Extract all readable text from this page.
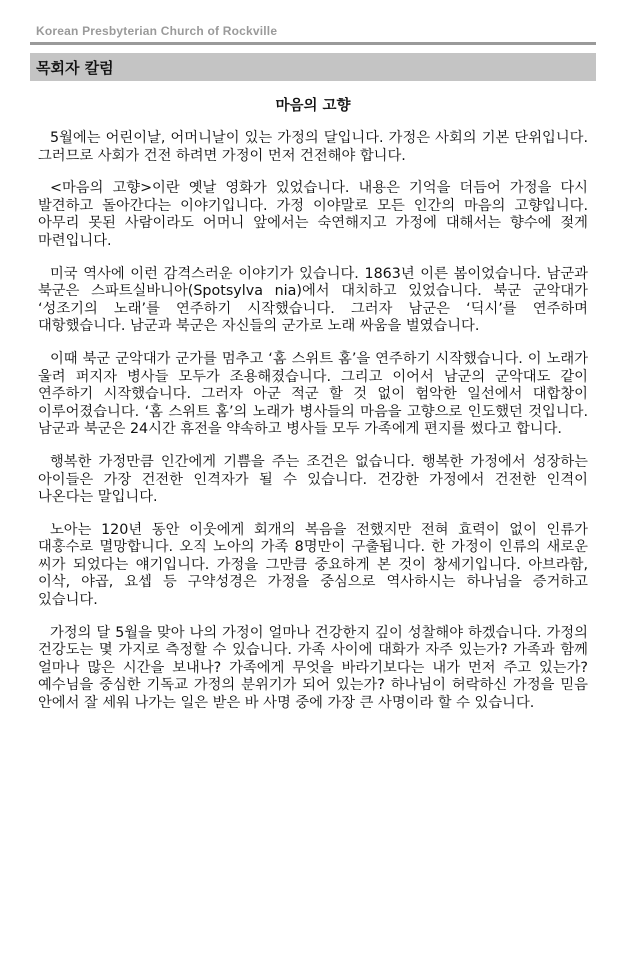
Korean Presbyterian Church of Rockville
목회자 칼럼
마음의 고향

5월에는 어린이날, 어머니날이 있는 가정의 달입니다. 가정은 사회의 기본 단위입니다. 그러므로 사회가 건전 하려면 가정이 먼저 건전해야 합니다.

<마음의 고향>이란 옛날 영화가 있었습니다. 내용은 기억을 더듬어 가정을 다시 발견하고 돌아간다는 이야기입니다. 가정 이야말로 모든 인간의 마음의 고향입니다. 아무리 못된 사람이라도 어머니 앞에서는 숙연해지고 가정에 대해서는 향수에 젖게 마련입니다.

미국 역사에 이런 감격스러운 이야기가 있습니다. 1863년 이른 봄이었습니다. 남군과 북군은 스파트실바니아(Spotsylva nia)에서 대치하고 있었습니다. 북군 군악대가 ‘성조기의 노래’를 연주하기 시작했습니다. 그러자 남군은 ‘딕시’를 연주하며 대항했습니다. 남군과 북군은 자신들의 군가로 노래 싸움을 벌였습니다.

이때 북군 군악대가 군가를 멈추고 ‘홈 스위트 홈’을 연주하기 시작했습니다. 이 노래가 울려 퍼지자 병사들 모두가 조용해졌습니다. 그리고 이어서 남군의 군악대도 같이 연주하기 시작했습니다. 그러자 아군 적군 할 것 없이 험악한 일선에서 대합창이 이루어졌습니다. ‘홈 스위트 홈’의 노래가 병사들의 마음을 고향으로 인도했던 것입니다. 남군과 북군은 24시간 휴전을 약속하고 병사들 모두 가족에게 편지를 썼다고 합니다.

행복한 가정만큼 인간에게 기쁨을 주는 조건은 없습니다. 행복한 가정에서 성장하는 아이들은 가장 건전한 인격자가 될 수 있습니다. 건강한 가정에서 건전한 인격이 나온다는 말입니다.

노아는 120년 동안 이웃에게 회개의 복음을 전했지만 전혀 효력이 없이 인류가 대홍수로 멸망합니다. 오직 노아의 가족 8명만이 구출됩니다. 한 가정이 인류의 새로운 씨가 되었다는 얘기입니다. 가정을 그만큼 중요하게 본 것이 창세기입니다. 아브라함, 이삭, 야곱, 요셉 등 구약성경은 가정을 중심으로 역사하시는 하나님을 증거하고 있습니다.

가정의 달 5월을 맞아 나의 가정이 얼마나 건강한지 깊이 성찰해야 하겠습니다. 가정의 건강도는 몇 가지로 측정할 수 있습니다. 가족 사이에 대화가 자주 있는가? 가족과 함께 얼마나 많은 시간을 보내나? 가족에게 무엇을 바라기보다는 내가 먼저 주고 있는가? 예수님을 중심한 기독교 가정의 분위기가 되어 있는가? 하나님이 허락하신 가정을 믿음 안에서 잘 세워 나가는 일은 받은 바 사명 중에 가장 큰 사명이라 할 수 있습니다.
